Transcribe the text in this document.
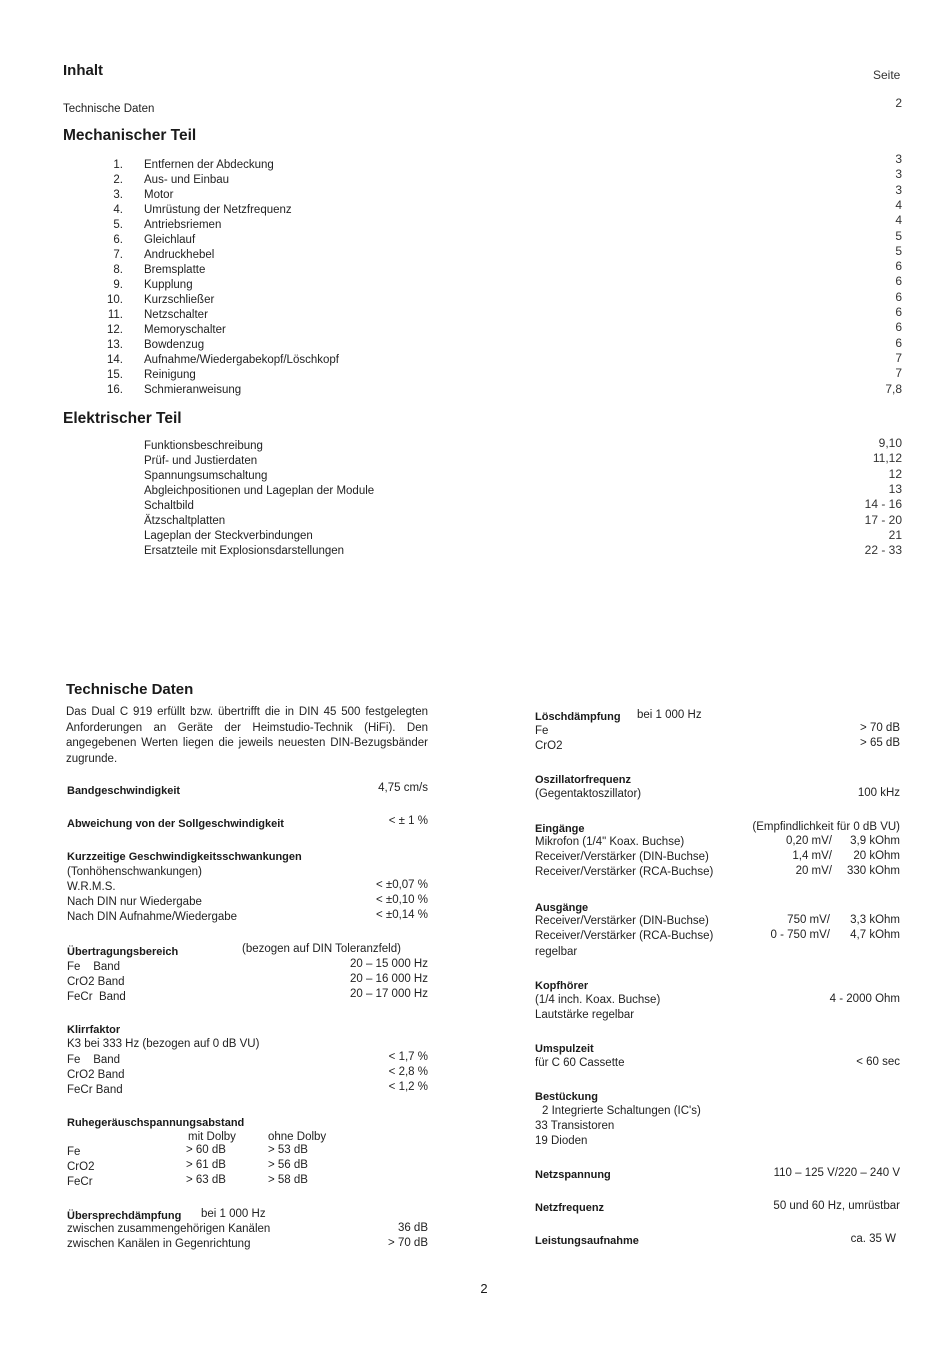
Inhalt	Seite
Technische Daten	2
Mechanischer Teil
1. Entfernen der Abdeckung	3
2. Aus- und Einbau	3
3. Motor	3
4. Umrüstung der Netzfrequenz	4
5. Antriebsriemen	4
6. Gleichlauf	5
7. Andruckhebel	5
8. Bremsplatte	6
9. Kupplung	6
10. Kurzschließer	6
11. Netzschalter	6
12. Memoryschalter	6
13. Bowdenzug	6
14. Aufnahme/Wiedergabekopf/Löschkopf	7
15. Reinigung	7
16. Schmieranweisung	7,8
Elektrischer Teil
Funktionsbeschreibung	9,10
Prüf- und Justierdaten	11,12
Spannungsumschaltung	12
Abgleichpositionen und Lageplan der Module	13
Schaltbild	14 - 16
Ätzschaltplatten	17 - 20
Lageplan der Steckverbindungen	21
Ersatzteile mit Explosionsdarstellungen	22 - 33
Technische Daten
Das Dual C 919 erfüllt bzw. übertrifft die in DIN 45 500 festgelegten Anforderungen an Geräte der Heimstudio-Technik (HiFi). Den angegebenen Werten liegen die jeweils neuesten DIN-Bezugsbänder zugrunde.
Bandgeschwindigkeit	4,75 cm/s
Abweichung von der Sollgeschwindigkeit	< ± 1 %
Kurzzeitige Geschwindigkeitsschwankungen
(Tonhöhenschwankungen)
W.R.M.S.	< ±0,07 %
Nach DIN nur Wiedergabe	< ±0,10 %
Nach DIN Aufnahme/Wiedergabe	< ±0,14 %
Übertragungsbereich	(bezogen auf DIN Toleranzfeld)
Fe    Band	20 – 15 000 Hz
CrO2 Band	20 – 16 000 Hz
FeCr  Band	20 – 17 000 Hz
Klirrfaktor
K3 bei 333 Hz (bezogen auf 0 dB VU)
Fe    Band	< 1,7 %
CrO2 Band	< 2,8 %
FeCr Band	< 1,2 %
Ruhegeräuschspannungsabstand
mit Dolby	ohne Dolby
Fe	> 60 dB	> 53 dB
CrO2	> 61 dB	> 56 dB
FeCr	> 63 dB	> 58 dB
Übersprechdämpfung bei 1 000 Hz
zwischen zusammengehörigen Kanälen	36 dB
zwischen Kanälen in Gegenrichtung	> 70 dB
Löschdämpfung bei 1 000 Hz
Fe	> 70 dB
CrO2	> 65 dB
Oszillatorfrequenz
(Gegentaktoszillator)	100 kHz
Eingänge	(Empfindlichkeit für 0 dB VU)
Mikrofon (1/4" Koax. Buchse)	0,20 mV/	3,9 kOhm
Receiver/Verstärker (DIN-Buchse)	1,4 mV/	20 kOhm
Receiver/Verstärker (RCA-Buchse)	20 mV/	330 kOhm
Ausgänge
Receiver/Verstärker (DIN-Buchse)	750 mV/	3,3 kOhm
Receiver/Verstärker (RCA-Buchse)	0 - 750 mV/	4,7 kOhm
regelbar
Kopfhörer
(1/4 inch. Koax. Buchse)	4 - 2000 Ohm
Lautstärke regelbar
Umspulzeit
für C 60 Cassette	< 60 sec
Bestückung
2 Integrierte Schaltungen (IC's)
33 Transistoren
19 Dioden
Netzspannung	110 – 125 V/220 – 240 V
Netzfrequenz	50 und 60 Hz, umrüstbar
Leistungsaufnahme	ca. 35 W
2
